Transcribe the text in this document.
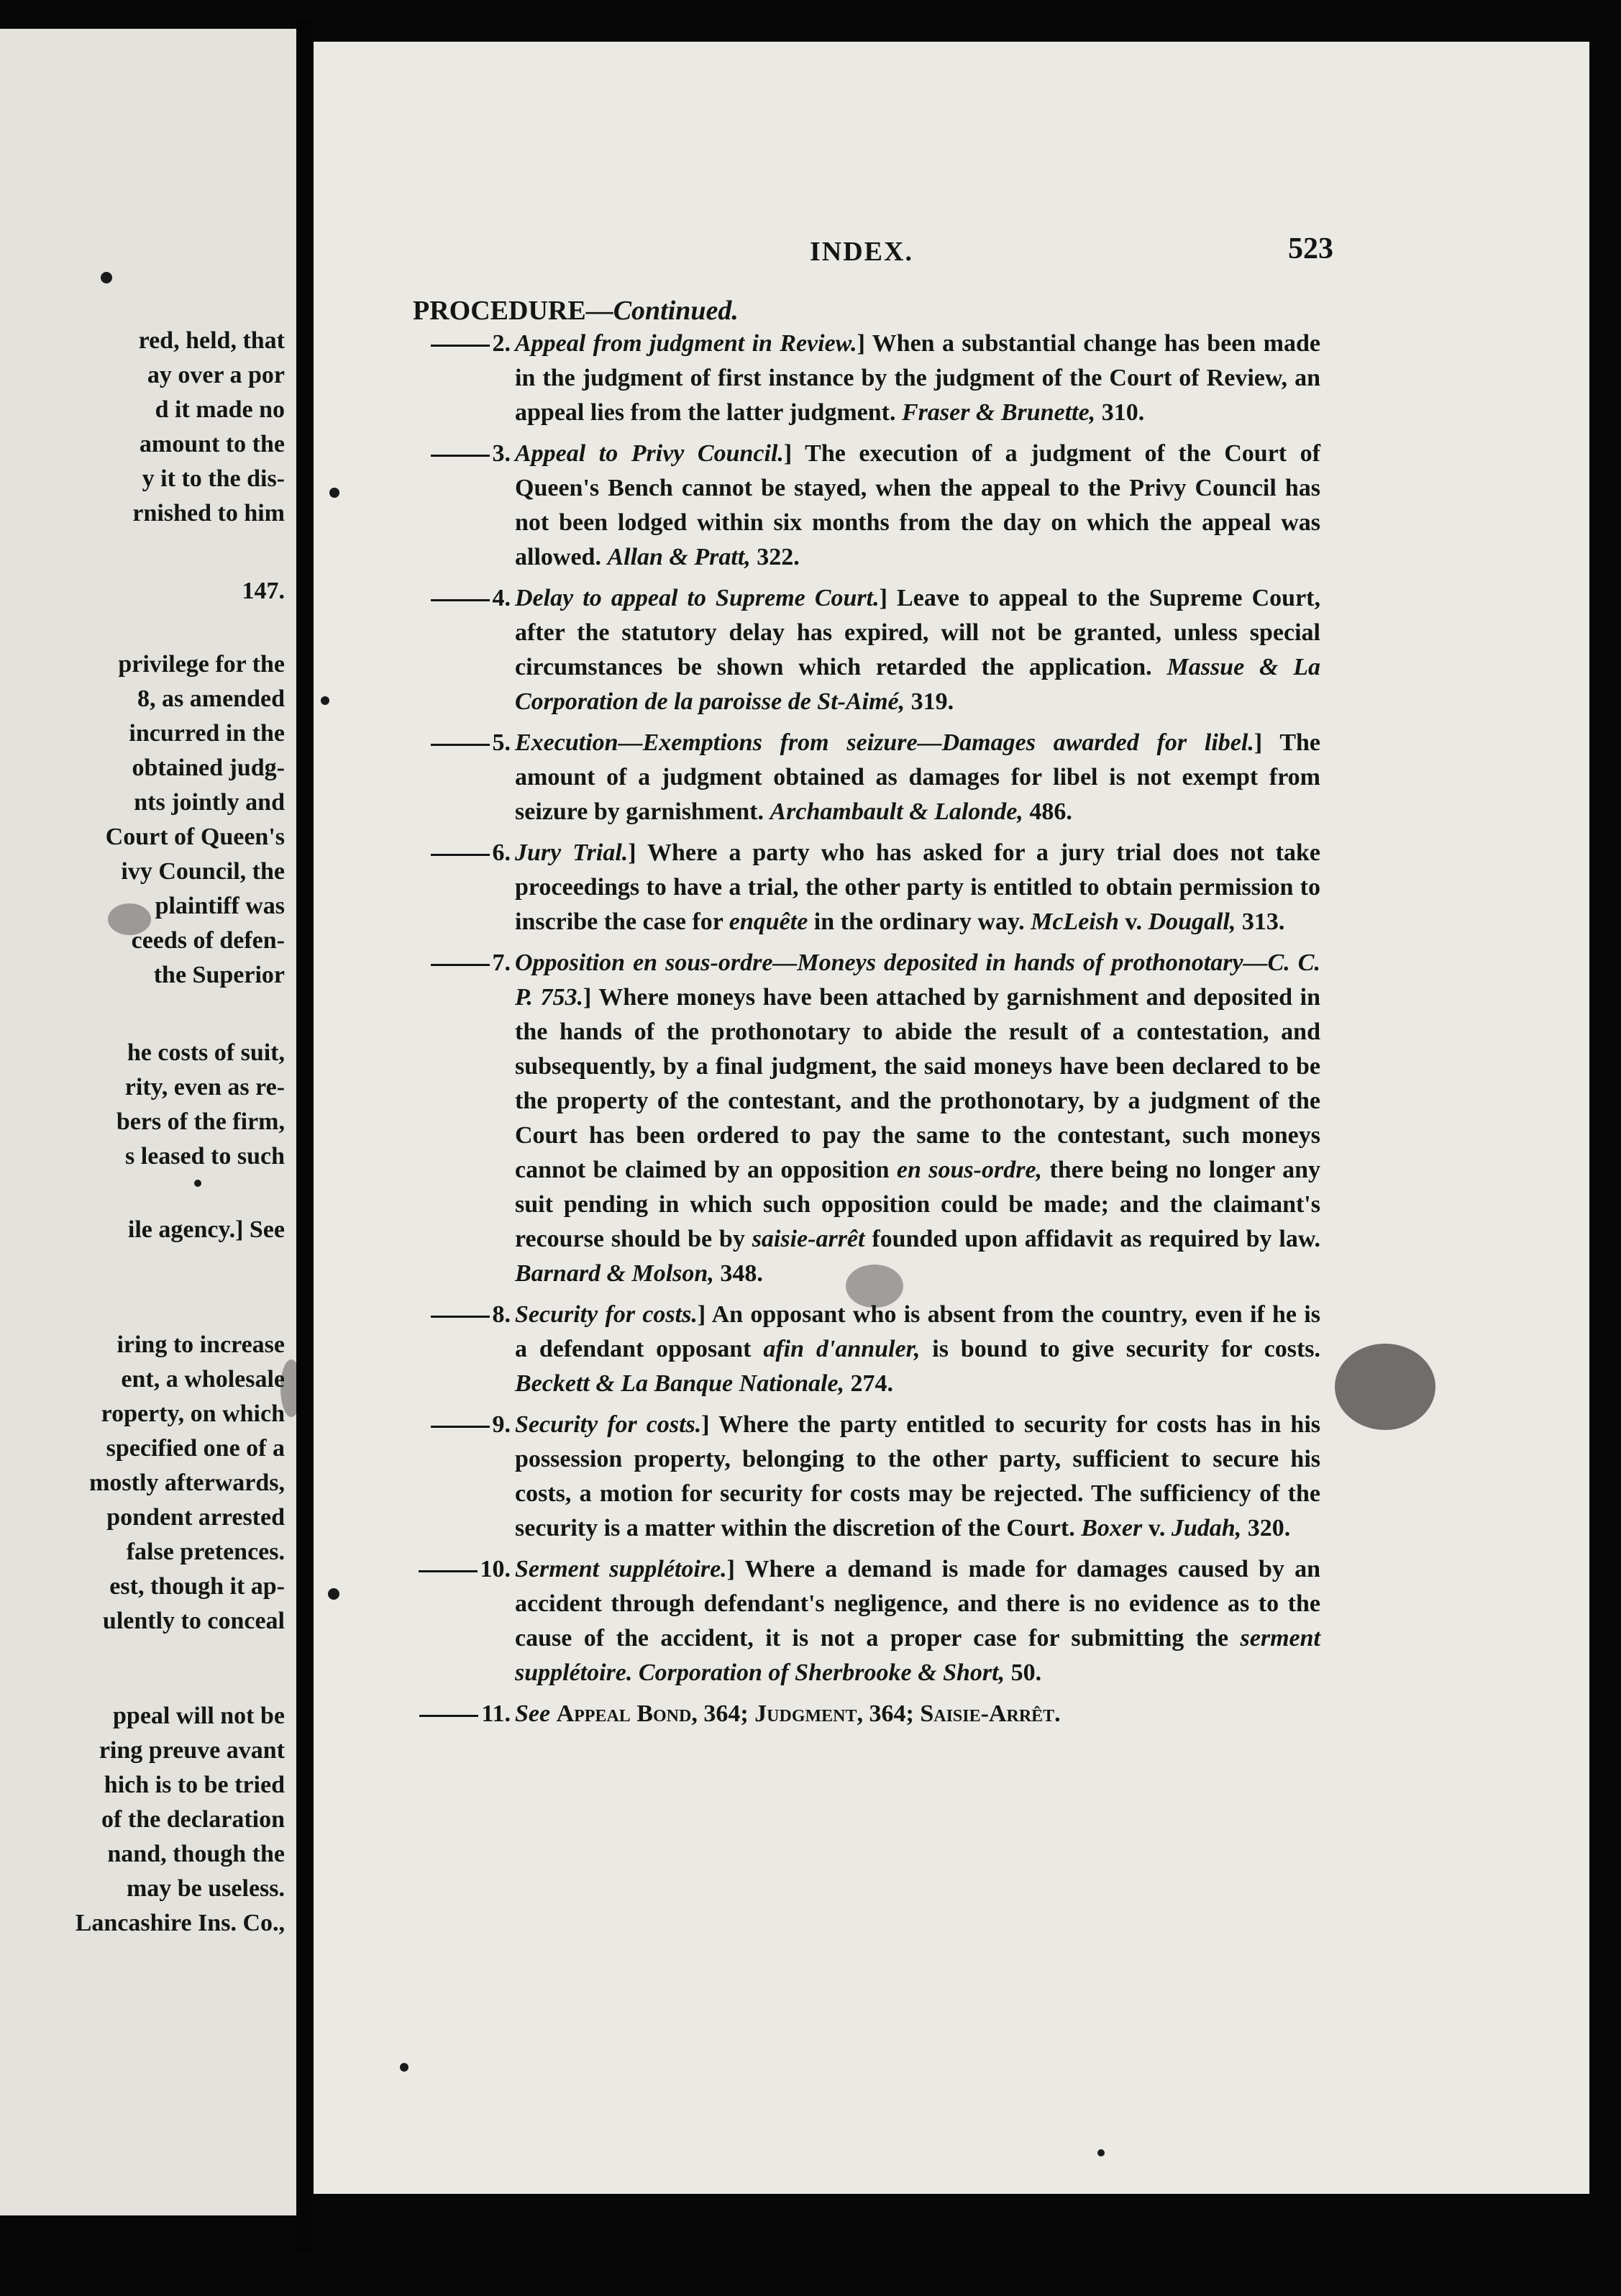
red, held, that
ay over a por
d it made no
amount to the
y it to the dis-
rnished to him
147.
privilege for the
8, as amended
incurred in the
obtained judg-
nts jointly and
Court of Queen's
ivy Council, the
plaintiff was
ceeds of defen-
the Superior
he costs of suit,
rity, even as re-
bers of the firm,
s leased to such
ile agency.] See
iring to increase
ent, a wholesale
roperty, on which
specified one of a
mostly afterwards,
pondent arrested
false pretences.
est, though it ap-
ulently to conceal
ppeal will not be
ring preuve avant
hich is to be tried
of the declaration
nand, though the
may be useless.
Lancashire Ins. Co.,
INDEX.	523
PROCEDURE—Continued.
2. Appeal from judgment in Review.] When a substantial change has been made in the judgment of first instance by the judgment of the Court of Review, an appeal lies from the latter judgment. Fraser & Brunette, 310.
3. Appeal to Privy Council.] The execution of a judgment of the Court of Queen's Bench cannot be stayed, when the appeal to the Privy Council has not been lodged within six months from the day on which the appeal was allowed. Allan & Pratt, 322.
4. Delay to appeal to Supreme Court.] Leave to appeal to the Supreme Court, after the statutory delay has expired, will not be granted, unless special circumstances be shown which retarded the application. Massue & La Corporation de la paroisse de St-Aimé, 319.
5. Execution—Exemptions from seizure—Damages awarded for libel.] The amount of a judgment obtained as damages for libel is not exempt from seizure by garnishment. Archambault & Lalonde, 486.
6. Jury Trial.] Where a party who has asked for a jury trial does not take proceedings to have a trial, the other party is entitled to obtain permission to inscribe the case for enquête in the ordinary way. McLeish v. Dougall, 313.
7. Opposition en sous-ordre—Moneys deposited in hands of prothonotary—C. C. P. 753.] Where moneys have been attached by garnishment and deposited in the hands of the prothonotary to abide the result of a contestation, and subsequently, by a final judgment, the said moneys have been declared to be the property of the contestant, and the prothonotary, by a judgment of the Court has been ordered to pay the same to the contestant, such moneys cannot be claimed by an opposition en sous-ordre, there being no longer any suit pending in which such opposition could be made; and the claimant's recourse should be by saisie-arrêt founded upon affidavit as required by law. Barnard & Molson, 348.
8. Security for costs.] An opposant who is absent from the country, even if he is a defendant opposant afin d'annuler, is bound to give security for costs. Beckett & La Banque Nationale, 274.
9. Security for costs.] Where the party entitled to security for costs has in his possession property, belonging to the other party, sufficient to secure his costs, a motion for security for costs may be rejected. The sufficiency of the security is a matter within the discretion of the Court. Boxer v. Judah, 320.
10. Serment supplétoire.] Where a demand is made for damages caused by an accident through defendant's negligence, and there is no evidence as to the cause of the accident, it is not a proper case for submitting the serment supplétoire. Corporation of Sherbrooke & Short, 50.
11. See Appeal Bond, 364; Judgment, 364; Saisie-Arrêt.
